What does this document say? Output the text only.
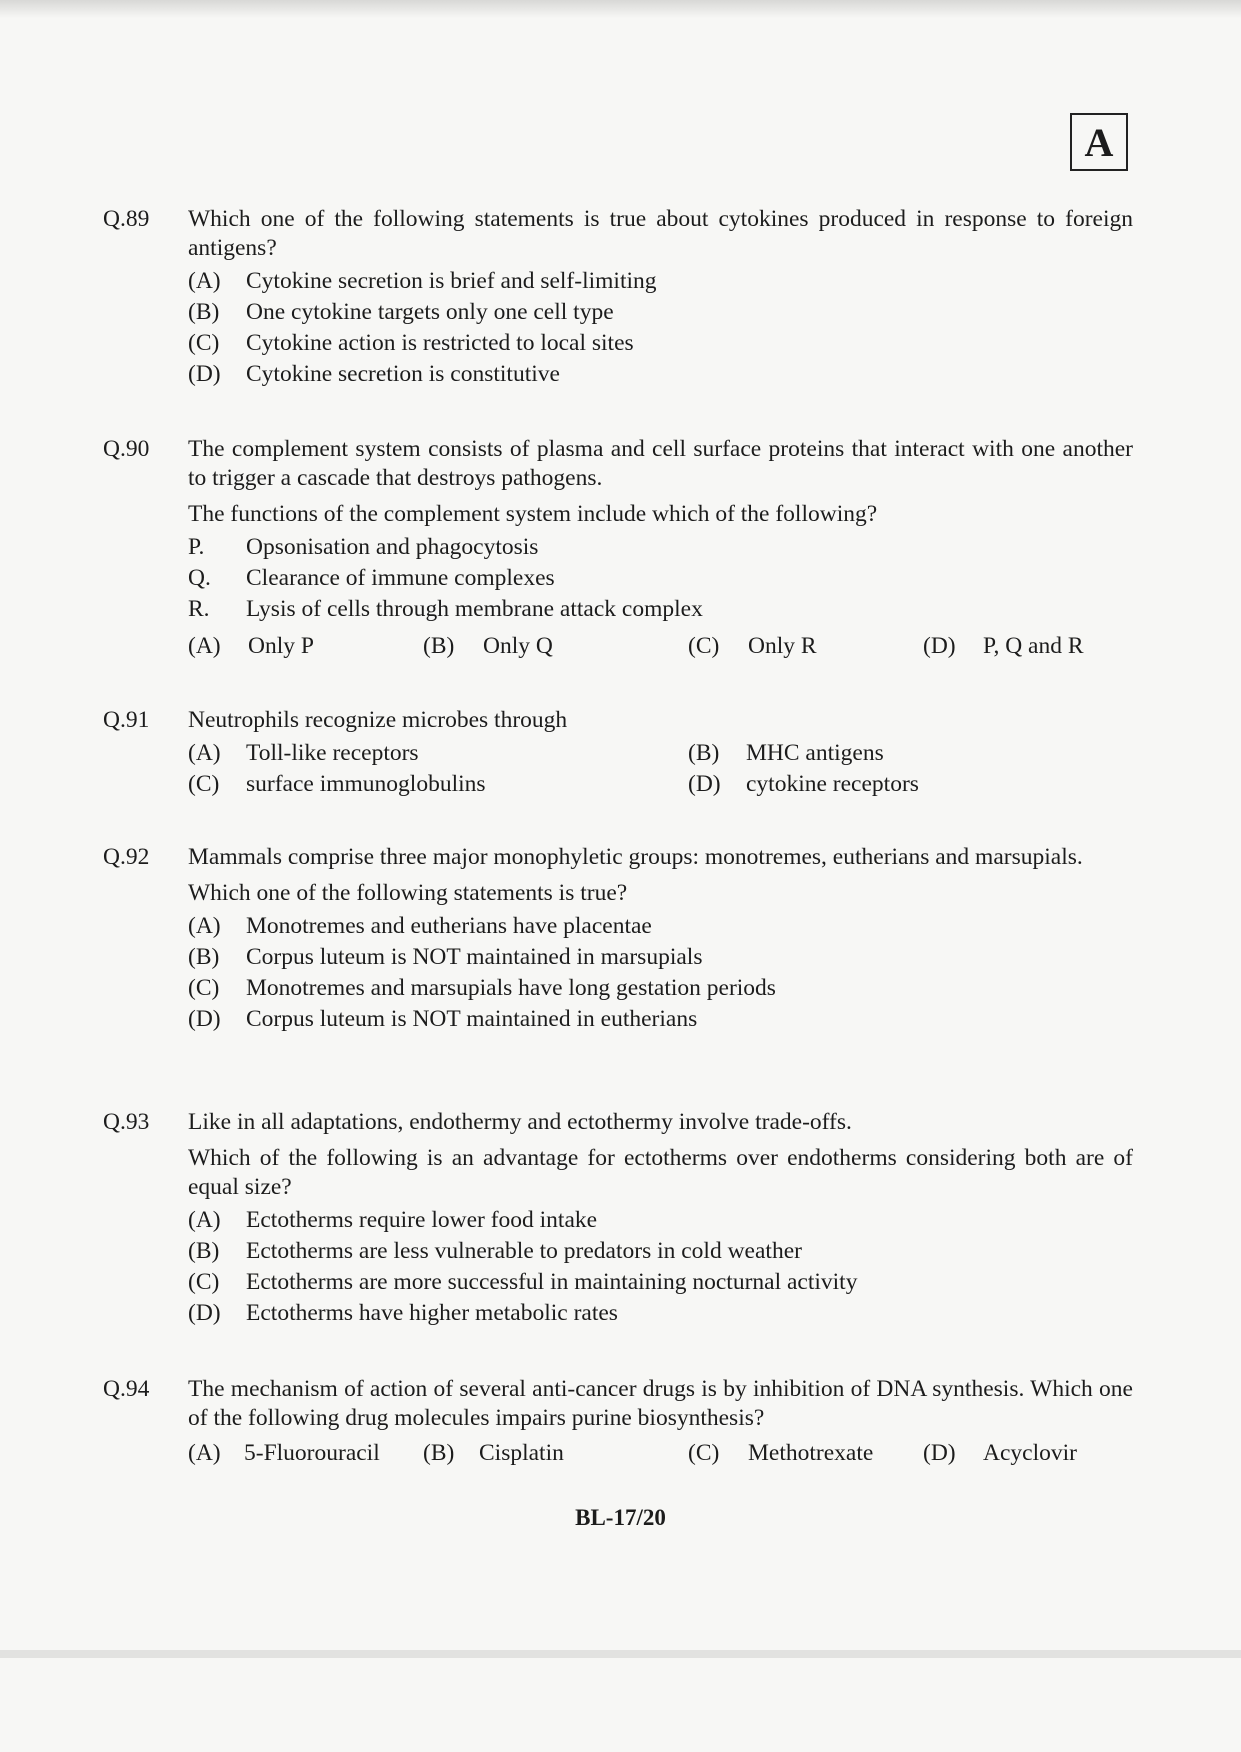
A
Q.89 Which one of the following statements is true about cytokines produced in response to foreign antigens?

(A)	Cytokine secretion is brief and self-limiting
(B)	One cytokine targets only one cell type
(C)	Cytokine action is restricted to local sites
(D)	Cytokine secretion is constitutive
Q.90 The complement system consists of plasma and cell surface proteins that interact with one another to trigger a cascade that destroys pathogens.

The functions of the complement system include which of the following?

P.	Opsonisation and phagocytosis
Q.	Clearance of immune complexes
R.	Lysis of cells through membrane attack complex
(A)	Only P	(B)	Only Q	(C)	Only R	(D)	P, Q and R
Q.91 Neutrophils recognize microbes through

(A)	Toll-like receptors	(B)	MHC antigens
(C)	surface immunoglobulins	(D)	cytokine receptors
Q.92 Mammals comprise three major monophyletic groups: monotremes, eutherians and marsupials.

Which one of the following statements is true?

(A)	Monotremes and eutherians have placentae
(B)	Corpus luteum is NOT maintained in marsupials
(C)	Monotremes and marsupials have long gestation periods
(D)	Corpus luteum is NOT maintained in eutherians
Q.93 Like in all adaptations, endothermy and ectothermy involve trade-offs.

Which of the following is an advantage for ectotherms over endotherms considering both are of equal size?

(A)	Ectotherms require lower food intake
(B)	Ectotherms are less vulnerable to predators in cold weather
(C)	Ectotherms are more successful in maintaining nocturnal activity
(D)	Ectotherms have higher metabolic rates
Q.94 The mechanism of action of several anti-cancer drugs is by inhibition of DNA synthesis. Which one of the following drug molecules impairs purine biosynthesis?

(A) 5-Fluorouracil (B)	Cisplatin	(C)	Methotrexate (D)	Acyclovir
BL-17/20
